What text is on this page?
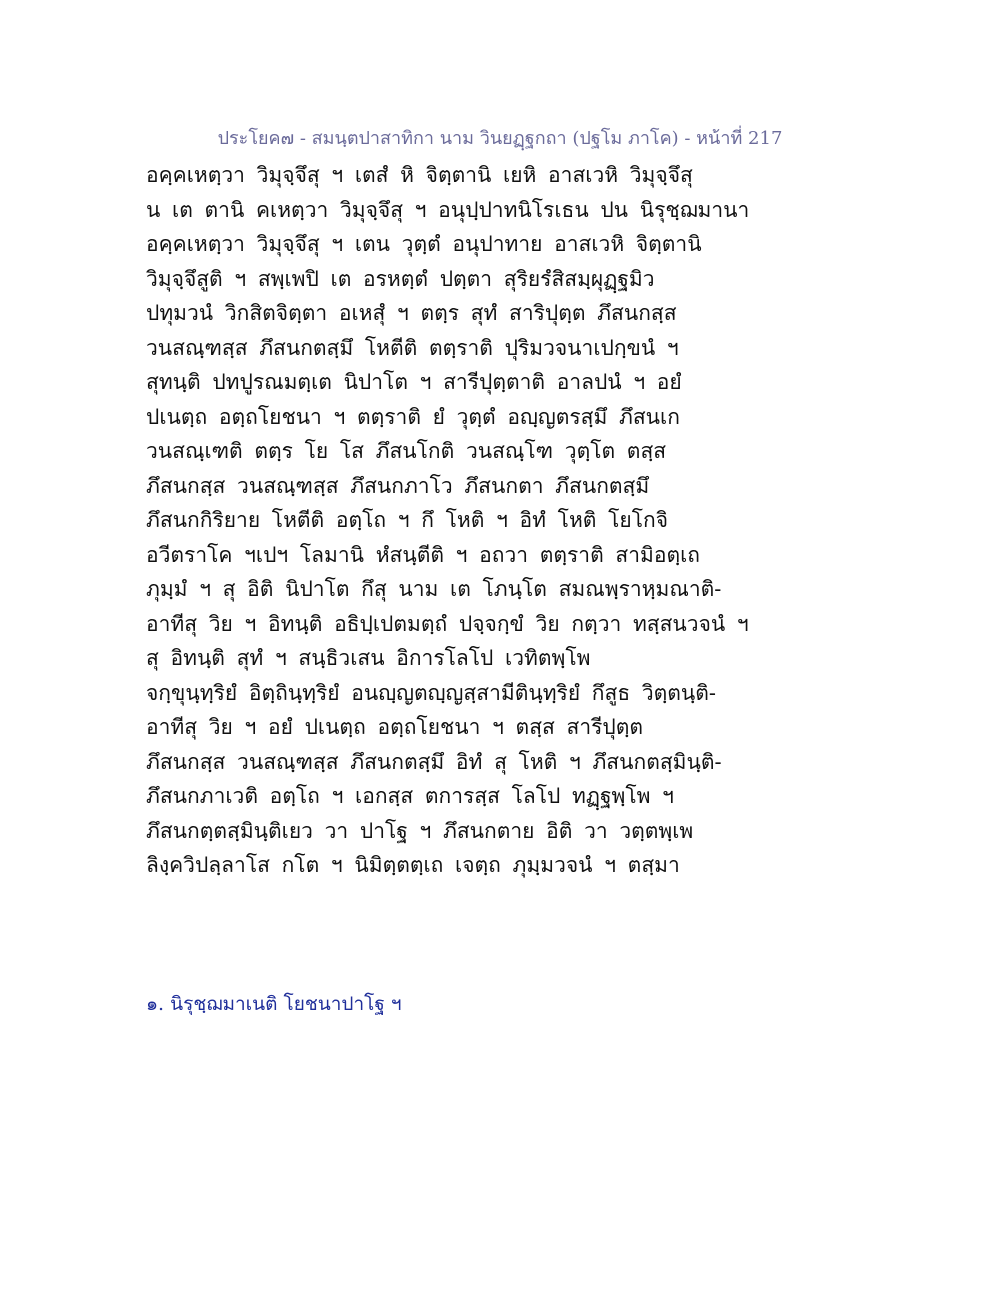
ประโยค๗ - สมนฺตปาสาทิกา นาม วินยฏฺฐกถา (ปฐโม ภาโค) - หน้าที่ 217
อคฺคเหตฺวา วิมุจฺจึสุ ฯ เตสํ หิ จิตฺตานิ เยหิ อาสเวหิ วิมุจฺจึสุ
น เต ตานิ คเหตฺวา วิมุจฺจึสุ ฯ อนุปฺปาทนิโรเธน ปน นิรุชฺฌมานา
อคฺคเหตฺวา วิมุจฺจึสุ ฯ เตน วุตฺตํ อนุปาทาย อาสเวหิ จิตฺตานิ
วิมุจฺจึสูติ ฯ สพฺเพปิ เต อรหตฺตํ ปตฺตา สุริยรํสิสมฺผุฏฺฐมิว
ปทุมวนํ วิกสิตจิตฺตา อเหสุํ ฯ ตตฺร สุทํ สาริปุตฺต ภึสนกสฺส
วนสณฺฑสฺส ภึสนกตสฺมึ โหตีติ ตตฺราติ ปุริมวจนาเปกฺขนํ ฯ
สุทนฺติ ปทปูรณมตฺเต นิปาโต ฯ สารีปุตฺตาติ อาลปนํ ฯ อยํ
ปเนตฺถ อตฺถโยชนา ฯ ตตฺราติ ยํ วุตฺตํ อญฺญตรสฺมึ ภึสนเก
วนสณฺเฑติ ตตฺร โย โส ภึสนโกติ วนสณฺโฑ วุตฺโต ตสฺส
ภึสนกสฺส วนสณฺฑสฺส ภึสนกภาโว ภึสนกตา ภึสนกตสฺมึ
ภึสนกกิริยาย โหตีติ อตฺโถ ฯ กึ โหติ ฯ อิทํ โหติ โยโกจิ
อวีตราโค ฯเปฯ โลมานิ หํสนฺตีติ ฯ อถวา ตตฺราติ สามิอตฺเถ
ภุมฺมํ ฯ สุ อิติ นิปาโต กึสุ นาม เต โภนฺโต สมณพฺราหฺมณาติ-
อาทีสุ วิย ฯ อิทนฺติ อธิปฺเปตมตฺถํ ปจฺจกฺขํ วิย กตฺวา ทสฺสนวจนํ ฯ
สุ อิทนฺติ สุทํ ฯ สนฺธิวเสน อิการโลโป เวทิตพฺโพ
จกฺขุนฺทฺริยํ อิตฺถินฺทฺริยํ อนญฺญตญฺญสฺสามีตินฺทฺริยํ กึสูธ วิตฺตนฺติ-
อาทีสุ วิย ฯ อยํ ปเนตฺถ อตฺถโยชนา ฯ ตสฺส สารีปุตฺต
ภึสนกสฺส วนสณฺฑสฺส ภึสนกตสฺมึ อิทํ สุ โหติ ฯ ภึสนกตสฺมินฺติ-
ภึสนกภาเวติ อตฺโถ ฯ เอกสฺส ตการสฺส โลโป ทฏฺฐพฺโพ ฯ
ภึสนกตฺตสฺมินฺติเยว วา ปาโฐ ฯ ภึสนกตาย อิติ วา วตฺตพฺเพ
ลิงฺควิปลฺลาโส กโต ฯ นิมิตฺตตฺเถ เจตฺถ ภุมฺมวจนํ ฯ ตสฺมา
๑. นิรุชฺฌมาเนติ โยชนาปาโฐ ฯ
